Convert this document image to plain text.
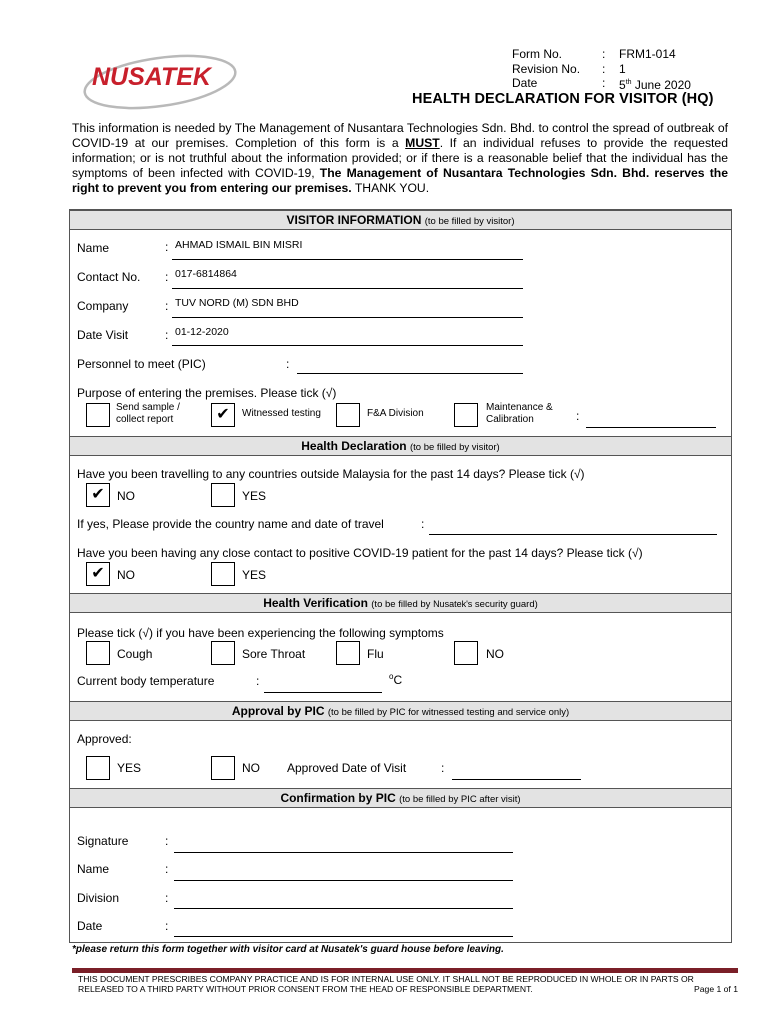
NUSATEK
Form No.	: FRM1-014
Revision No. : 1
Date	: 5th June 2020
HEALTH DECLARATION FOR VISITOR (HQ)
This information is needed by The Management of Nusantara Technologies Sdn. Bhd. to control the spread of outbreak of COVID-19 at our premises. Completion of this form is a MUST. If an individual refuses to provide the requested information; or is not truthful about the information provided; or if there is a reasonable belief that the individual has the symptoms of been infected with COVID-19, The Management of Nusantara Technologies Sdn. Bhd. reserves the right to prevent you from entering our premises. THANK YOU.
VISITOR INFORMATION (to be filled by visitor)
Name	: AHMAD ISMAIL BIN MISRI
Contact No. : 017-6814864
Company	: TUV NORD (M) SDN BHD
Date Visit	: 01-12-2020
Personnel to meet (PIC)	:
Purpose of entering the premises. Please tick (√)
Send sample /
collect report	✔	Witnessed testing	F&A Division
Maintenance &
Calibration	:
Health Declaration (to be filled by visitor)
Have you been travelling to any countries outside Malaysia for the past 14 days? Please tick (√)
✔	NO	YES
If yes, Please provide the country name and date of travel	:
Have you been having any close contact to positive COVID-19 patient for the past 14 days? Please tick (√)
✔	NO	YES
Health Verification (to be filled by Nusatek's security guard)
Please tick (√) if you have been experiencing the following symptoms
Cough	Sore Throat	Flu	NO
Current body temperature	:	$^o$C
Approval by PIC (to be filled by PIC for witnessed testing and service only)
Approved:
YES	NO Approved Date of Visit	:
Confirmation by PIC (to be filled by PIC after visit)
Signature	:
Name	:
Division	:
Date	:
*please return this form together with visitor card at Nusatek's guard house before leaving.
THIS DOCUMENT PRESCRIBES COMPANY PRACTICE AND IS FOR INTERNAL USE ONLY. IT SHALL NOT BE REPRODUCED IN WHOLE OR IN PARTS OR
RELEASED TO A THIRD PARTY WITHOUT PRIOR CONSENT FROM THE HEAD OF RESPONSIBLE DEPARTMENT.	Page 1 of 1
